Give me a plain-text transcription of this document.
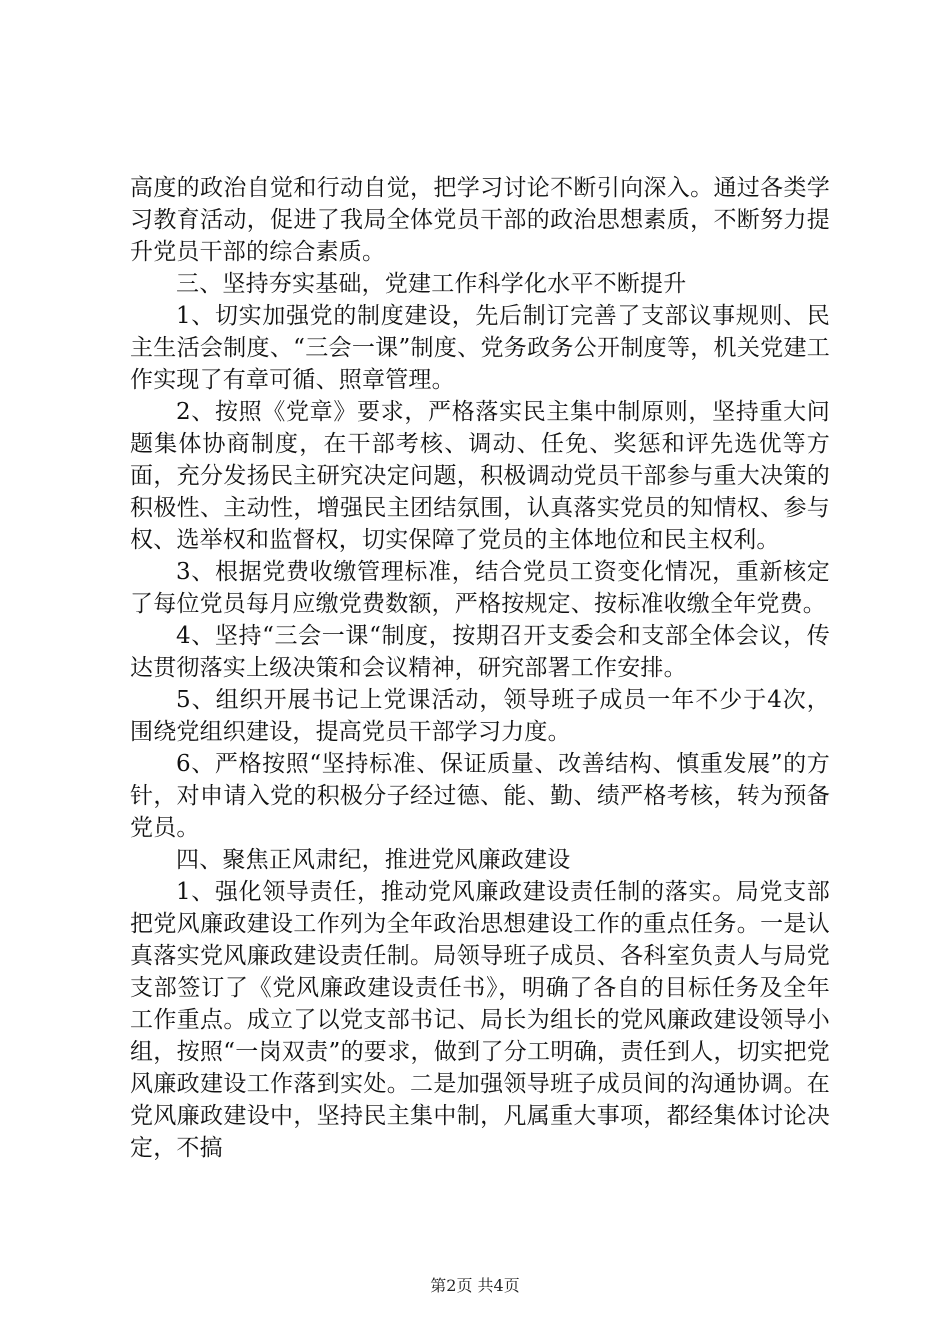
高度的政治自觉和行动自觉，把学习讨论不断引向深入。通过各类学习教育活动，促进了我局全体党员干部的政治思想素质，不断努力提升党员干部的综合素质。

三、坚持夯实基础，党建工作科学化水平不断提升

1、切实加强党的制度建设，先后制订完善了支部议事规则、民主生活会制度、“三会一课”制度、党务政务公开制度等，机关党建工作实现了有章可循、照章管理。

2、按照《党章》要求，严格落实民主集中制原则，坚持重大问题集体协商制度，在干部考核、调动、任免、奖惩和评先选优等方面，充分发扬民主研究决定问题，积极调动党员干部参与重大决策的积极性、主动性，增强民主团结氛围，认真落实党员的知情权、参与权、选举权和监督权，切实保障了党员的主体地位和民主权利。

3、根据党费收缴管理标准，结合党员工资变化情况，重新核定了每位党员每月应缴党费数额，严格按规定、按标准收缴全年党费。

4、坚持“三会一课“制度，按期召开支委会和支部全体会议，传达贯彻落实上级决策和会议精神，研究部署工作安排。

5、组织开展书记上党课活动，领导班子成员一年不少于4次，围绕党组织建设，提高党员干部学习力度。

6、严格按照“坚持标准、保证质量、改善结构、慎重发展”的方针，对申请入党的积极分子经过德、能、勤、绩严格考核，转为预备党员。

四、聚焦正风肃纪，推进党风廉政建设

1、强化领导责任，推动党风廉政建设责任制的落实。局党支部把党风廉政建设工作列为全年政治思想建设工作的重点任务。一是认真落实党风廉政建设责任制。局领导班子成员、各科室负责人与局党支部签订了《党风廉政建设责任书》，明确了各自的目标任务及全年工作重点。成立了以党支部书记、局长为组长的党风廉政建设领导小组，按照“一岗双责”的要求，做到了分工明确，责任到人，切实把党风廉政建设工作落到实处。二是加强领导班子成员间的沟通协调。在党风廉政建设中，坚持民主集中制，凡属重大事项，都经集体讨论决定，不搞

第2页 共4页
